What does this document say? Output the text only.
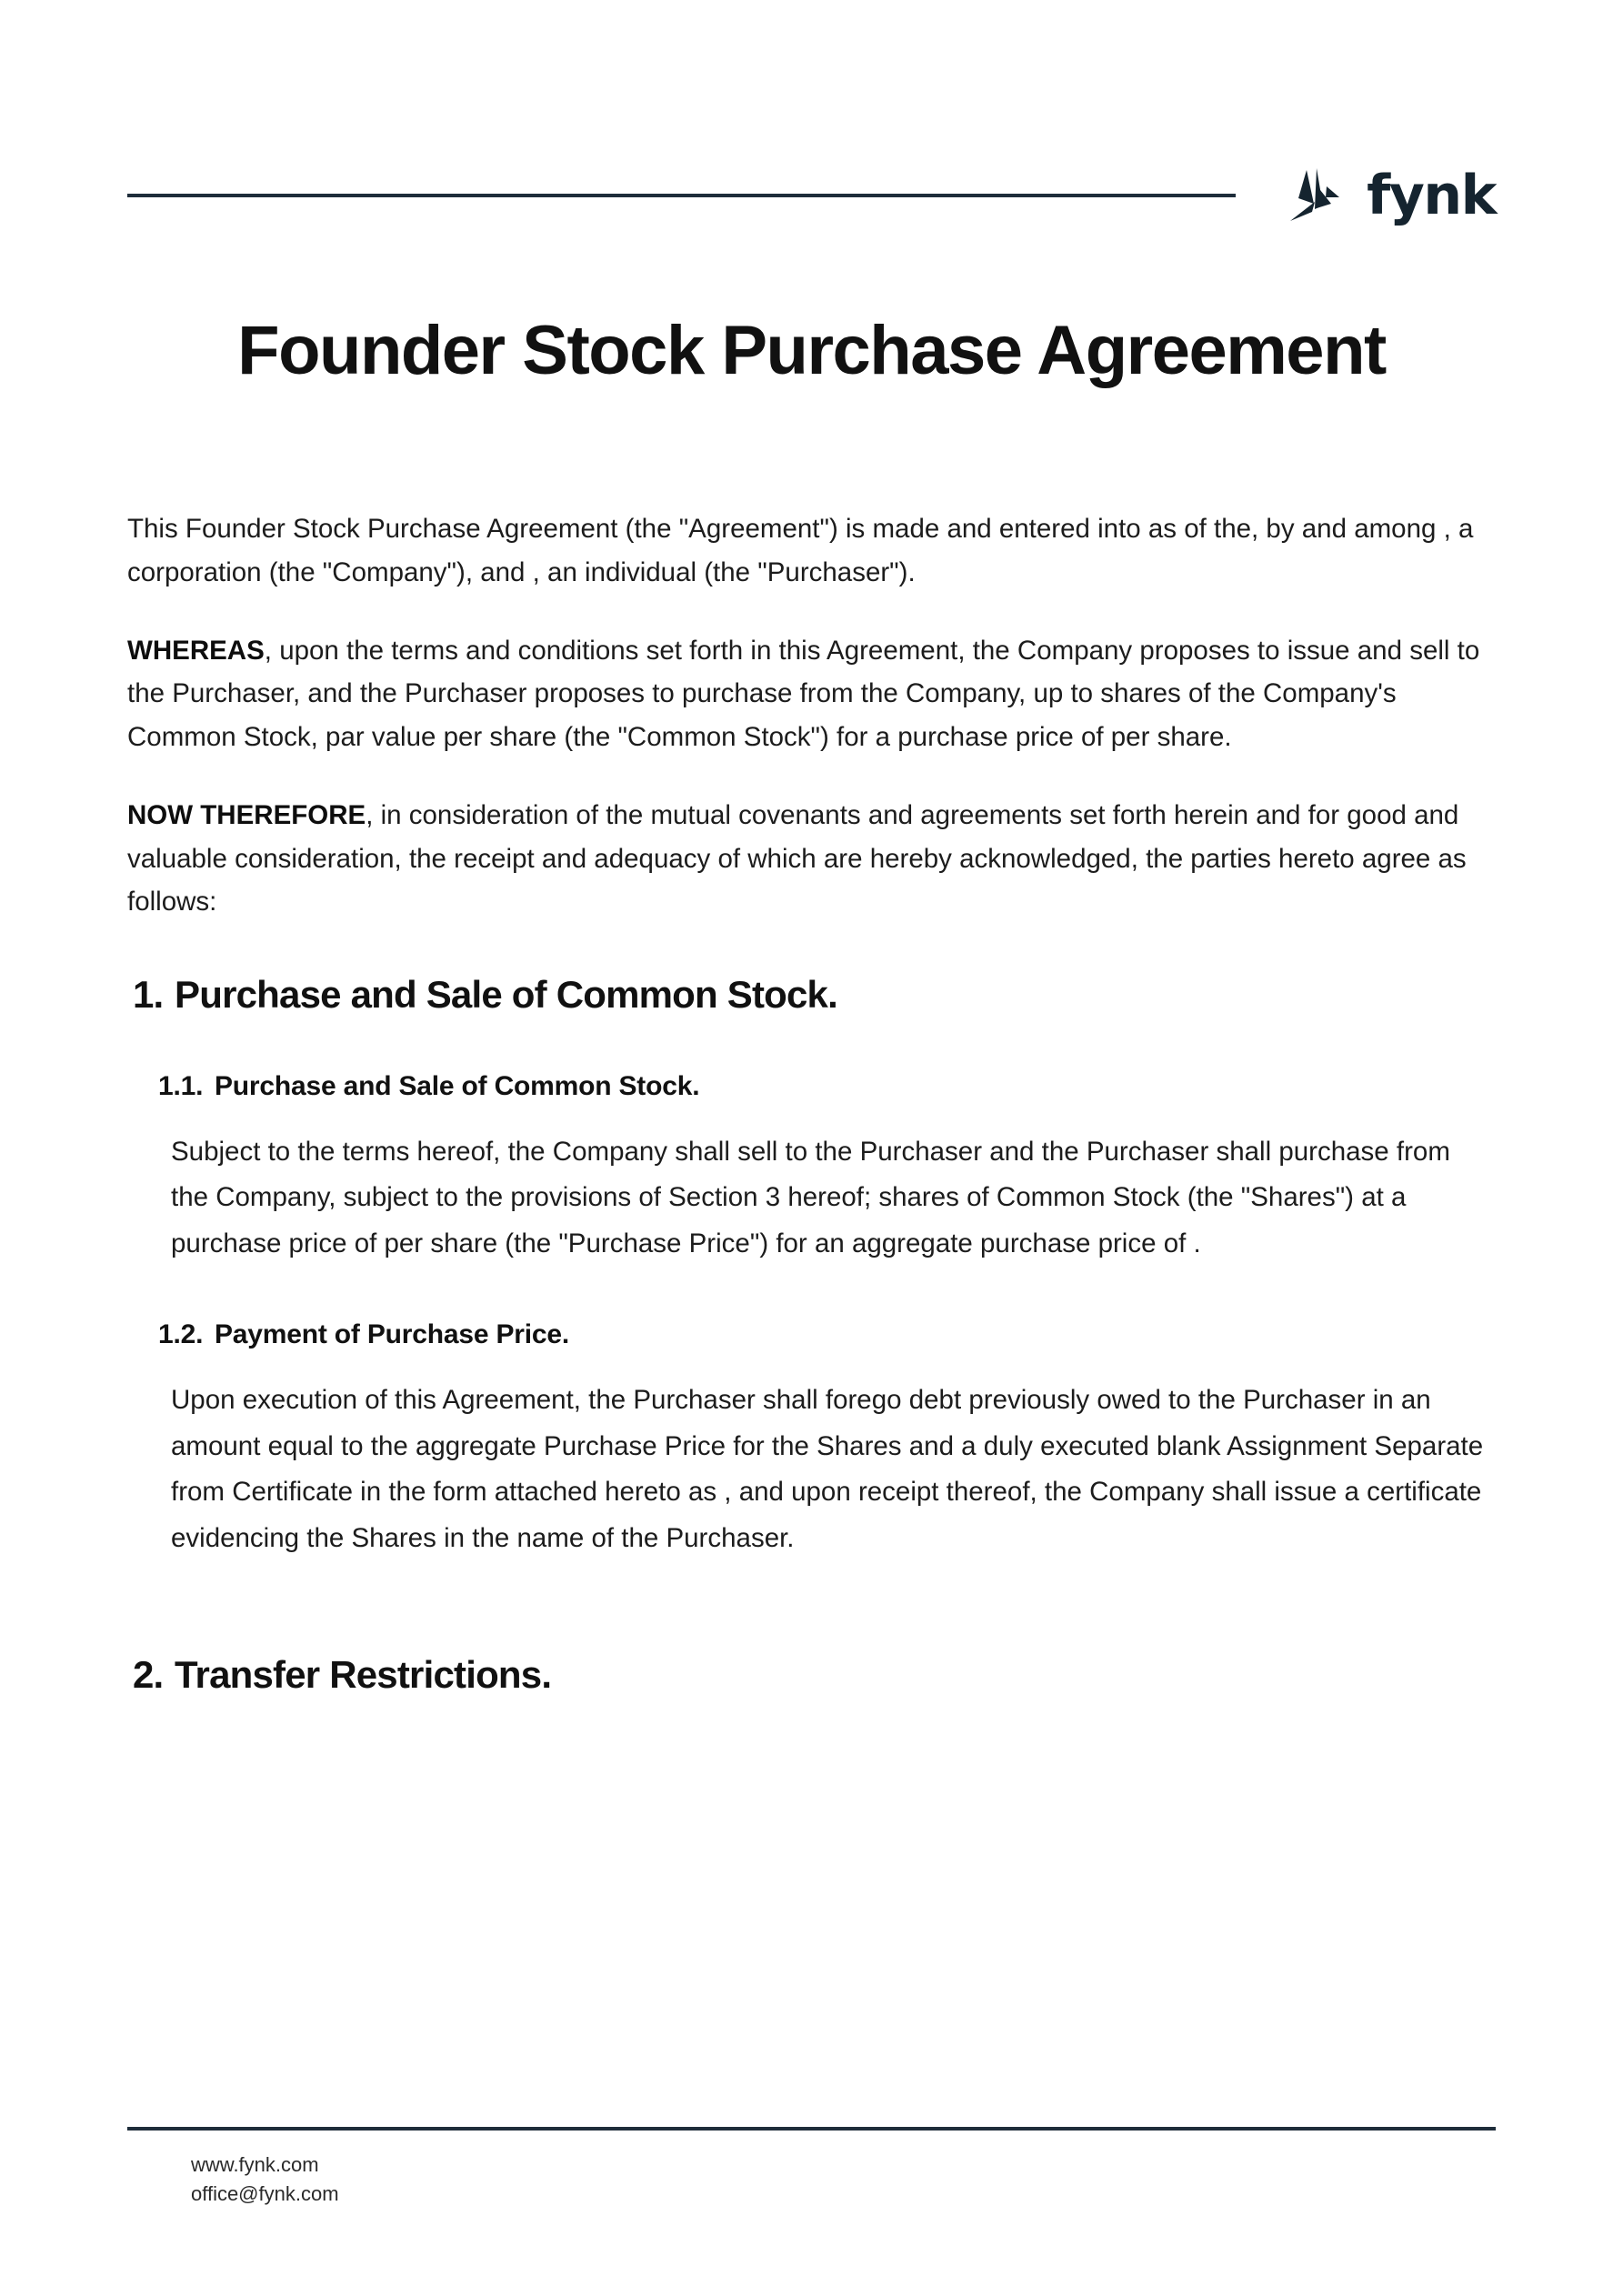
fynk
Founder Stock Purchase Agreement

This Founder Stock Purchase Agreement (the "Agreement") is made and entered into as of the, by and among , a corporation (the "Company"), and , an individual (the "Purchaser").

WHEREAS, upon the terms and conditions set forth in this Agreement, the Company proposes to issue and sell to the Purchaser, and the Purchaser proposes to purchase from the Company, up to shares of the Company's Common Stock, par value per share (the "Common Stock") for a purchase price of per share.

NOW THEREFORE, in consideration of the mutual covenants and agreements set forth herein and for good and valuable consideration, the receipt and adequacy of which are hereby acknowledged, the parties hereto agree as follows:

1. Purchase and Sale of Common Stock.
1.1. Purchase and Sale of Common Stock.

Subject to the terms hereof, the Company shall sell to the Purchaser and the Purchaser shall purchase from the Company, subject to the provisions of Section 3 hereof; shares of Common Stock (the "Shares") at a purchase price of per share (the "Purchase Price") for an aggregate purchase price of .

1.2. Payment of Purchase Price.

Upon execution of this Agreement, the Purchaser shall forego debt previously owed to the Purchaser in an amount equal to the aggregate Purchase Price for the Shares and a duly executed blank Assignment Separate from Certificate in the form attached hereto as , and upon receipt thereof, the Company shall issue a certificate evidencing the Shares in the name of the Purchaser.

2. Transfer Restrictions.
www.fynk.com
office@fynk.com
